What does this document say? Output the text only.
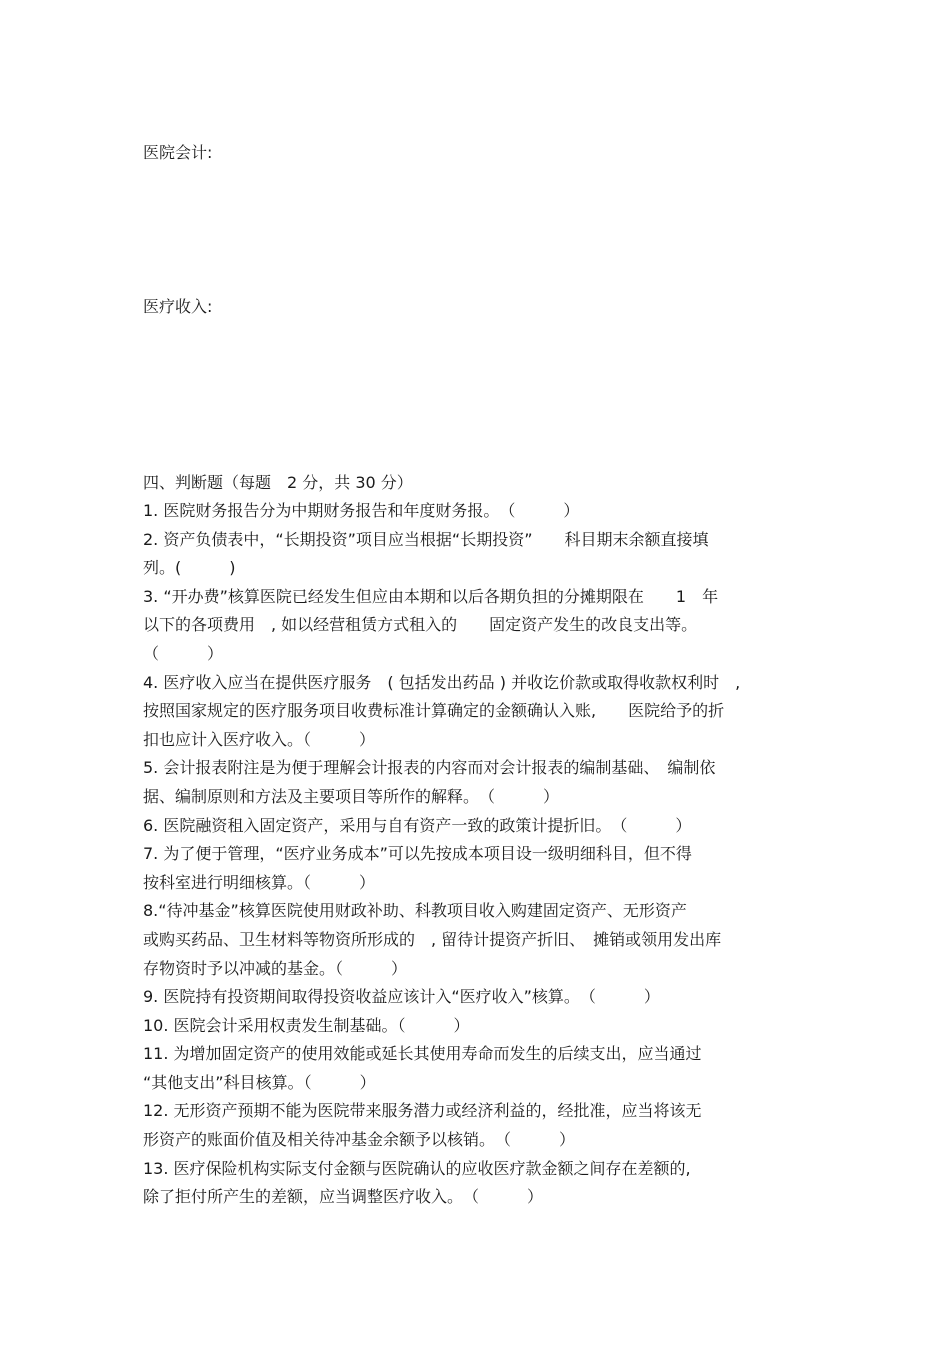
医院会计:
医疗收入:
四、判断题（每题　2 分，共 30 分）
1. 医院财务报告分为中期财务报告和年度财务报。　（　　　）
2. 资产负债表中，“长期投资”项目应当根据“长期投资”　　科目期末余额直接填
列。(　　　)
3. “开办费”核算医院已经发生但应由本期和以后各期负担的分摊期限在　　1　年
以下的各项费用　, 如以经营租赁方式租入的　　固定资产发生的改良支出等。
（　　　）
4. 医疗收入应当在提供医疗服务　( 包括发出药品 ) 并收讫价款或取得收款权利时　,
按照国家规定的医疗服务项目收费标准计算确定的金额确认入账,　　医院给予的折
扣也应计入医疗收入。（　　　）
5. 会计报表附注是为便于理解会计报表的内容而对会计报表的编制基础、　编制依
据、编制原则和方法及主要项目等所作的解释。　（　　　）
6. 医院融资租入固定资产，采用与自有资产一致的政策计提折旧。　（　　　）
7. 为了便于管理，“医疗业务成本”可以先按成本项目设一级明细科目，但不得
按科室进行明细核算。（　　　）
8.“待冲基金”核算医院使用财政补助、科教项目收入购建固定资产、无形资产
或购买药品、卫生材料等物资所形成的　, 留待计提资产折旧、　摊销或领用发出库
存物资时予以冲减的基金。（　　　）
9. 医院持有投资期间取得投资收益应该计入“医疗收入”核算。　（　　　）
10. 医院会计采用权责发生制基础。（　　　）
11. 为增加固定资产的使用效能或延长其使用寿命而发生的后续支出，应当通过
“其他支出”科目核算。（　　　）
12. 无形资产预期不能为医院带来服务潜力或经济利益的，经批准，应当将该无
形资产的账面价值及相关待冲基金余额予以核销。　（　　　）
13. 医疗保险机构实际支付金额与医院确认的应收医疗款金额之间存在差额的,
除了拒付所产生的差额，应当调整医疗收入。　（　　　）
